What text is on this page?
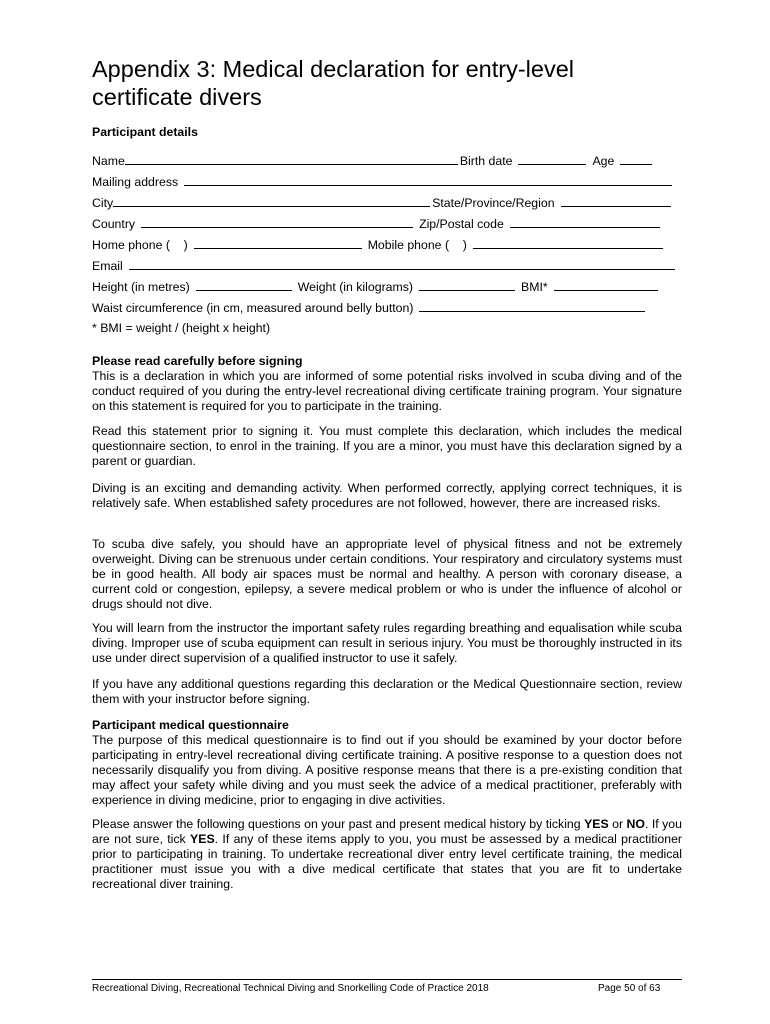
Appendix 3: Medical declaration for entry-level certificate divers
Participant details
Name	Birth date	Age
Mailing address
City	State/Province/Region
Country	Zip/Postal code
Home phone (    )	Mobile phone (    )
Email
Height (in metres)	Weight (in kilograms)	BMI*
Waist circumference (in cm, measured around belly button)
* BMI = weight / (height x height)
Please read carefully before signing
This is a declaration in which you are informed of some potential risks involved in scuba diving and of the conduct required of you during the entry-level recreational diving certificate training program. Your signature on this statement is required for you to participate in the training.
Read this statement prior to signing it. You must complete this declaration, which includes the medical questionnaire section, to enrol in the training. If you are a minor, you must have this declaration signed by a parent or guardian.
Diving is an exciting and demanding activity. When performed correctly, applying correct techniques, it is relatively safe. When established safety procedures are not followed, however, there are increased risks.
To scuba dive safely, you should have an appropriate level of physical fitness and not be extremely overweight. Diving can be strenuous under certain conditions. Your respiratory and circulatory systems must be in good health. All body air spaces must be normal and healthy. A person with coronary disease, a current cold or congestion, epilepsy, a severe medical problem or who is under the influence of alcohol or drugs should not dive.
You will learn from the instructor the important safety rules regarding breathing and equalisation while scuba diving. Improper use of scuba equipment can result in serious injury. You must be thoroughly instructed in its use under direct supervision of a qualified instructor to use it safely.
If you have any additional questions regarding this declaration or the Medical Questionnaire section, review them with your instructor before signing.
Participant medical questionnaire
The purpose of this medical questionnaire is to find out if you should be examined by your doctor before participating in entry-level recreational diving certificate training. A positive response to a question does not necessarily disqualify you from diving. A positive response means that there is a pre-existing condition that may affect your safety while diving and you must seek the advice of a medical practitioner, preferably with experience in diving medicine, prior to engaging in dive activities.
Please answer the following questions on your past and present medical history by ticking YES or NO. If you are not sure, tick YES. If any of these items apply to you, you must be assessed by a medical practitioner prior to participating in training. To undertake recreational diver entry level certificate training, the medical practitioner must issue you with a dive medical certificate that states that you are fit to undertake recreational diver training.
Recreational Diving, Recreational Technical Diving and Snorkelling Code of Practice 2018	Page 50 of 63
